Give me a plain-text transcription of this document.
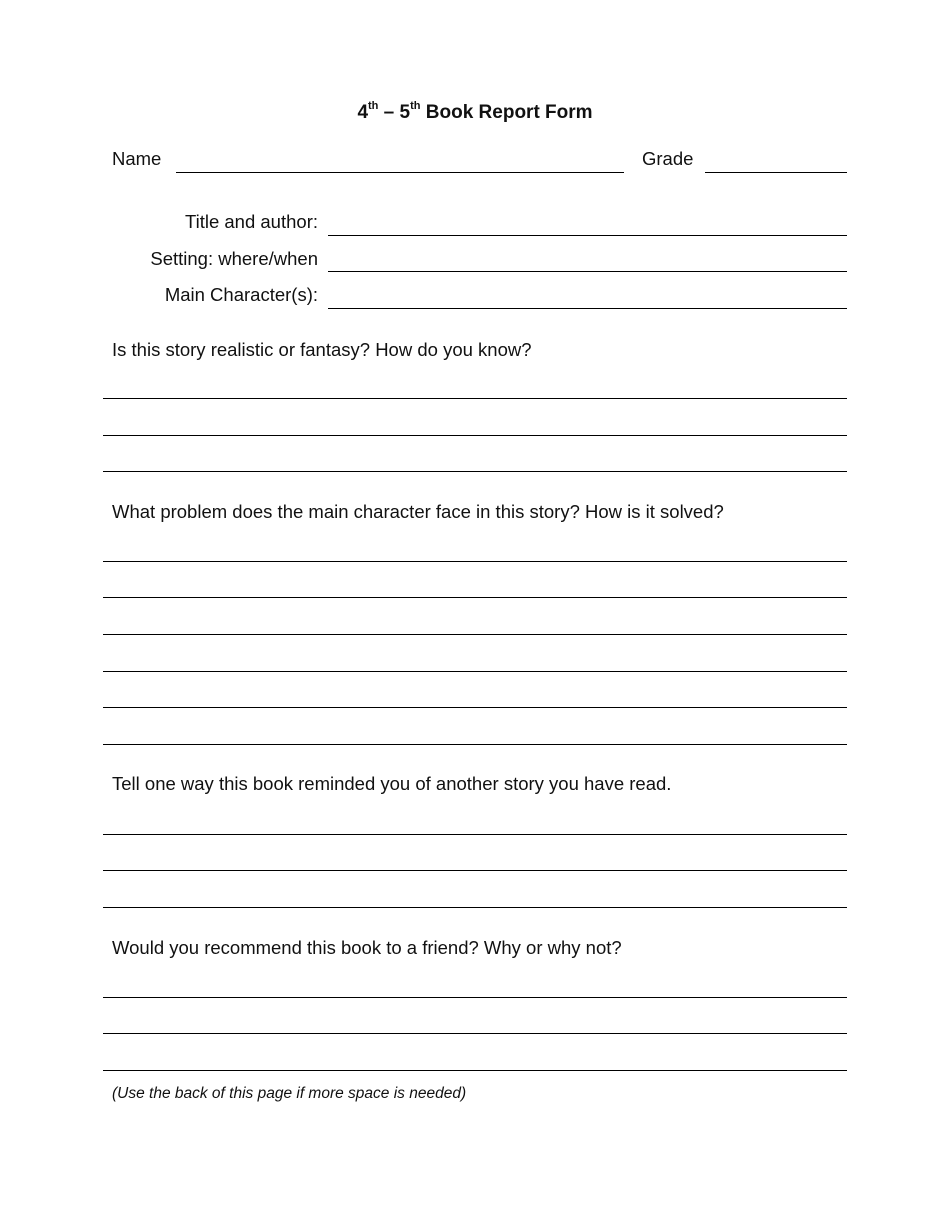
4th – 5th Book Report Form
Name	Grade
Title and author:
Setting: where/when
Main Character(s):
Is this story realistic or fantasy? How do you know?
What problem does the main character face in this story? How is it solved?
Tell one way this book reminded you of another story you have read.
Would you recommend this book to a friend? Why or why not?
(Use the back of this page if more space is needed)
